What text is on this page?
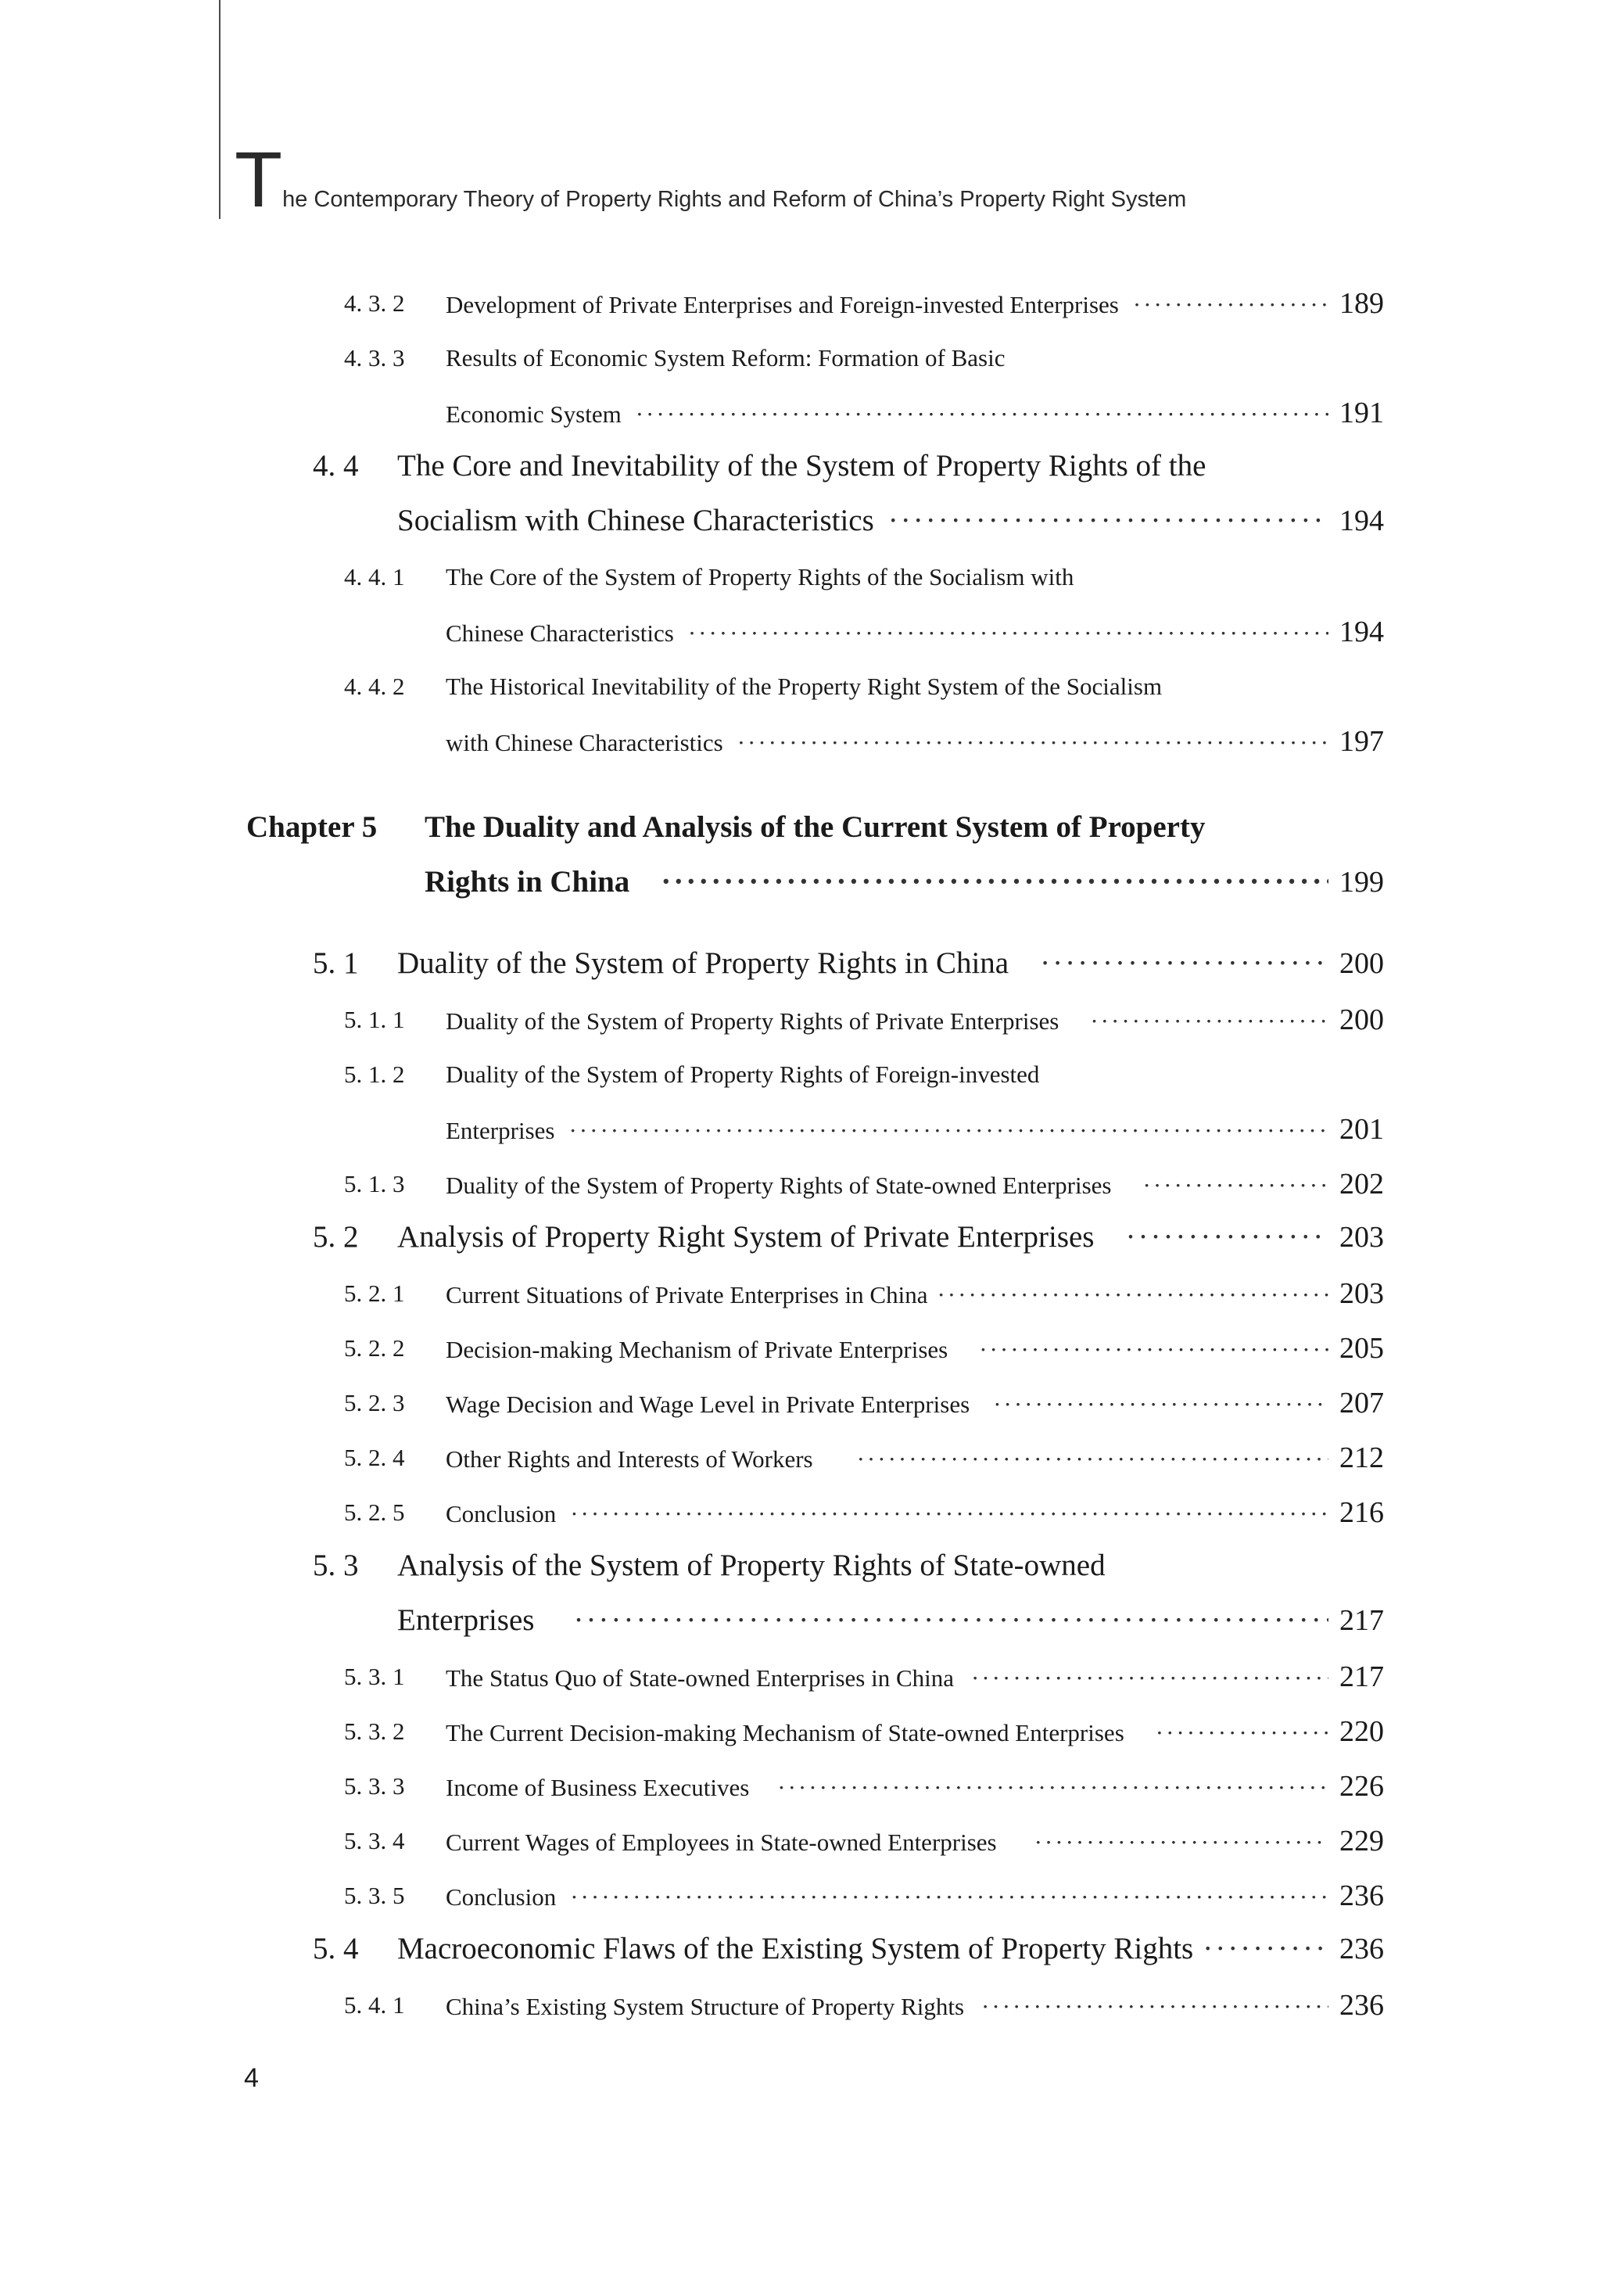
The Contemporary Theory of Property Rights and Reform of China’s Property Right System
4. 3. 2 Development of Private Enterprises and Foreign-invested Enterprises ·····	189
4. 3. 3 Results of Economic System Reform: Formation of Basic
Economic System ·····	191
4. 4 The Core and Inevitability of the System of Property Rights of the
Socialism with Chinese Characteristics ·····	194
4. 4. 1 The Core of the System of Property Rights of the Socialism with
Chinese Characteristics ·····	194
4. 4. 2 The Historical Inevitability of the Property Right System of the Socialism
with Chinese Characteristics ·····	197
Chapter 5 The Duality and Analysis of the Current System of Property
Rights in China ·····	199
5. 1 Duality of the System of Property Rights in China ·····	200
5. 1. 1 Duality of the System of Property Rights of Private Enterprises ·····	200
5. 1. 2 Duality of the System of Property Rights of Foreign-invested
Enterprises ·····	201
5. 1. 3 Duality of the System of Property Rights of State-owned Enterprises ·····	202
5. 2 Analysis of Property Right System of Private Enterprises ·····	203
5. 2. 1 Current Situations of Private Enterprises in China ·····	203
5. 2. 2 Decision-making Mechanism of Private Enterprises ·····	205
5. 2. 3 Wage Decision and Wage Level in Private Enterprises ·····	207
5. 2. 4 Other Rights and Interests of Workers ·····	212
5. 2. 5 Conclusion ·····	216
5. 3 Analysis of the System of Property Rights of State-owned
Enterprises ·····	217
5. 3. 1 The Status Quo of State-owned Enterprises in China ·····	217
5. 3. 2 The Current Decision-making Mechanism of State-owned Enterprises ·····	220
5. 3. 3 Income of Business Executives ·····	226
5. 3. 4 Current Wages of Employees in State-owned Enterprises ·····	229
5. 3. 5 Conclusion ·····	236
5. 4 Macroeconomic Flaws of the Existing System of Property Rights ·····	236
5. 4. 1 China’s Existing System Structure of Property Rights ·····	236
4
